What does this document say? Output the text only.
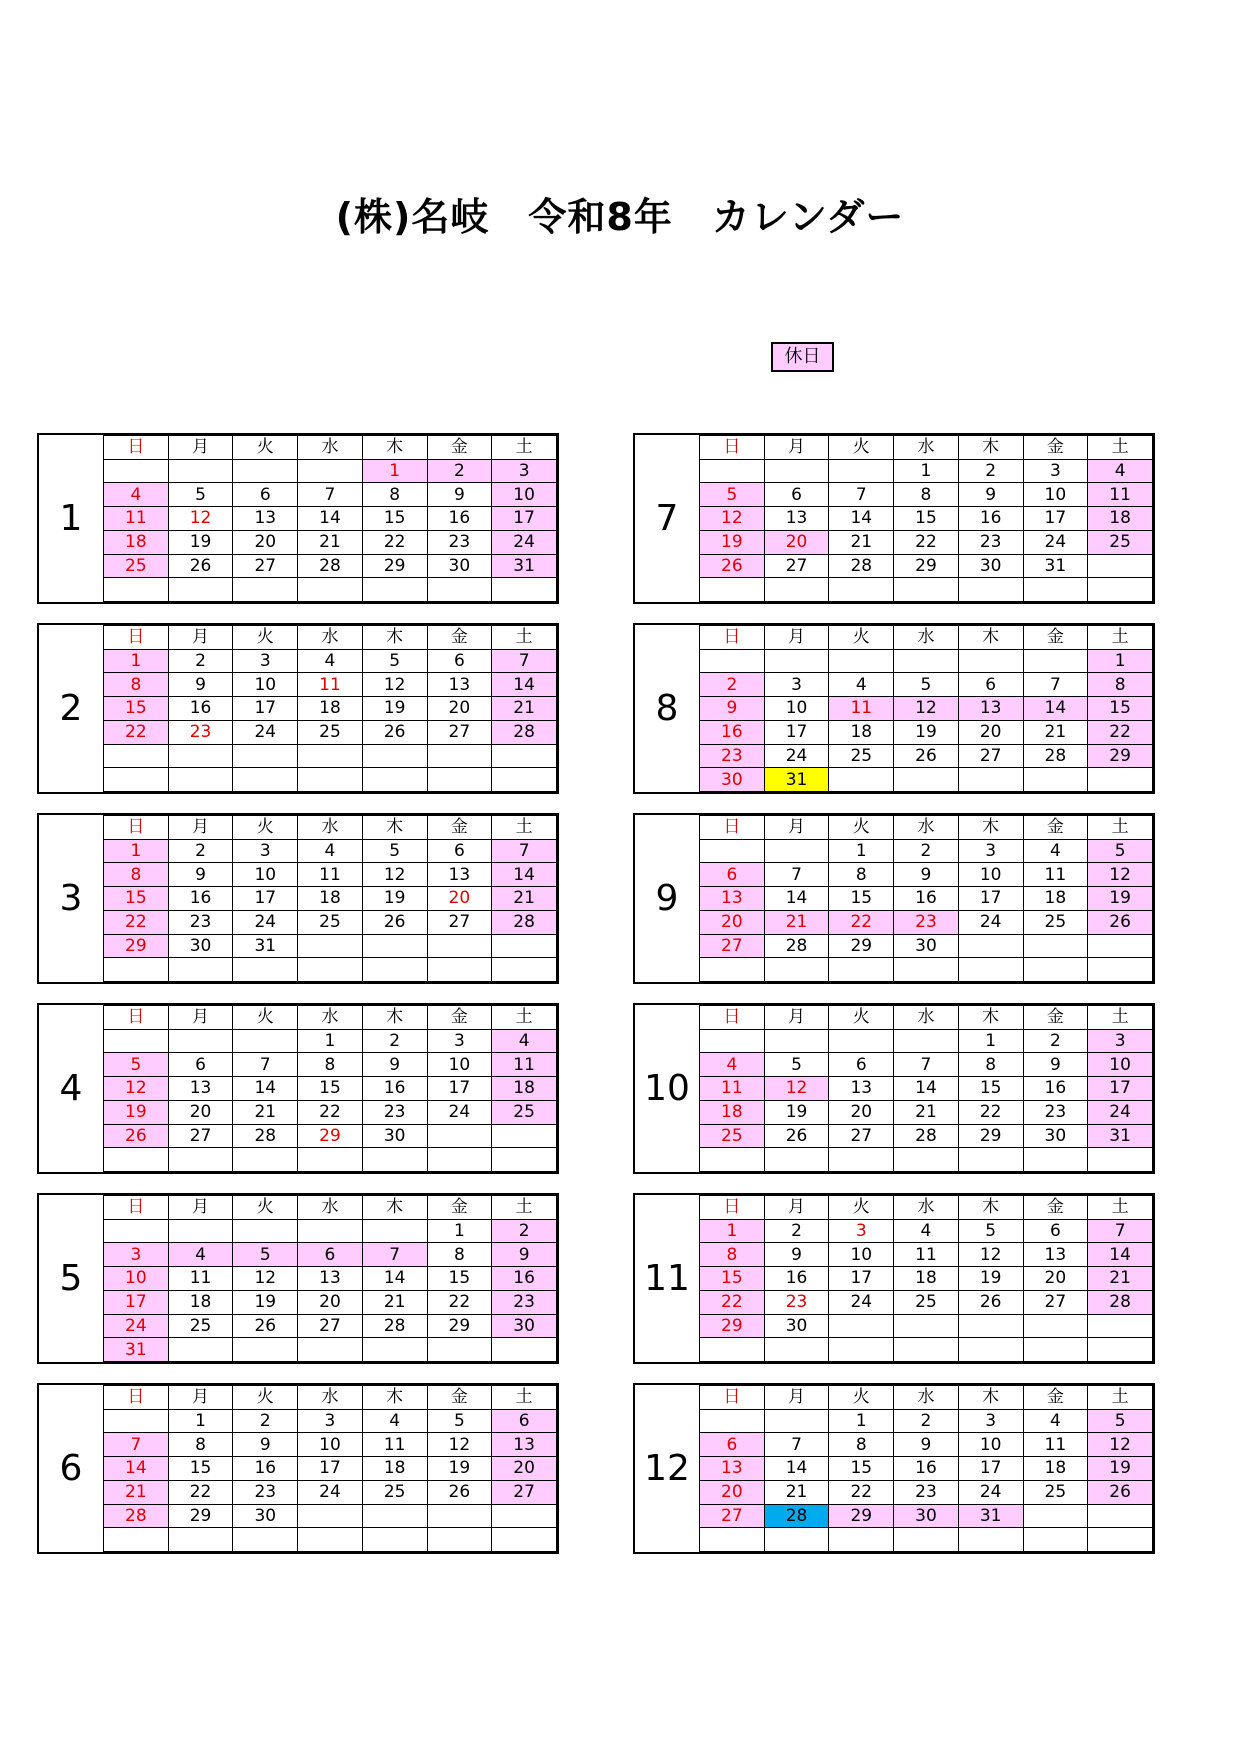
(株)名岐　令和8年　カレンダー
休日
1
日	月	火	水	木	金	土
				1	2	3
4	5	6	7	8	9	10
11	12	13	14	15	16	17
18	19	20	21	22	23	24
25	26	27	28	29	30	31

2
日	月	火	水	木	金	土
1	2	3	4	5	6	7
8	9	10	11	12	13	14
15	16	17	18	19	20	21
22	23	24	25	26	27	28

3
日	月	火	水	木	金	土
1	2	3	4	5	6	7
8	9	10	11	12	13	14
15	16	17	18	19	20	21
22	23	24	25	26	27	28
29	30	31				

4
日	月	火	水	木	金	土
			1	2	3	4
5	6	7	8	9	10	11
12	13	14	15	16	17	18
19	20	21	22	23	24	25
26	27	28	29	30		

5
日	月	火	水	木	金	土
					1	2
3	4	5	6	7	8	9
10	11	12	13	14	15	16
17	18	19	20	21	22	23
24	25	26	27	28	29	30
31						
6
日	月	火	水	木	金	土
	1	2	3	4	5	6
7	8	9	10	11	12	13
14	15	16	17	18	19	20
21	22	23	24	25	26	27
28	29	30				

7
日	月	火	水	木	金	土
			1	2	3	4
5	6	7	8	9	10	11
12	13	14	15	16	17	18
19	20	21	22	23	24	25
26	27	28	29	30	31	

8
日	月	火	水	木	金	土
						1
2	3	4	5	6	7	8
9	10	11	12	13	14	15
16	17	18	19	20	21	22
23	24	25	26	27	28	29
30	31					
9
日	月	火	水	木	金	土
		1	2	3	4	5
6	7	8	9	10	11	12
13	14	15	16	17	18	19
20	21	22	23	24	25	26
27	28	29	30			

10
日	月	火	水	木	金	土
				1	2	3
4	5	6	7	8	9	10
11	12	13	14	15	16	17
18	19	20	21	22	23	24
25	26	27	28	29	30	31

11
日	月	火	水	木	金	土
1	2	3	4	5	6	7
8	9	10	11	12	13	14
15	16	17	18	19	20	21
22	23	24	25	26	27	28
29	30					

12
日	月	火	水	木	金	土
		1	2	3	4	5
6	7	8	9	10	11	12
13	14	15	16	17	18	19
20	21	22	23	24	25	26
27	28	29	30	31		
